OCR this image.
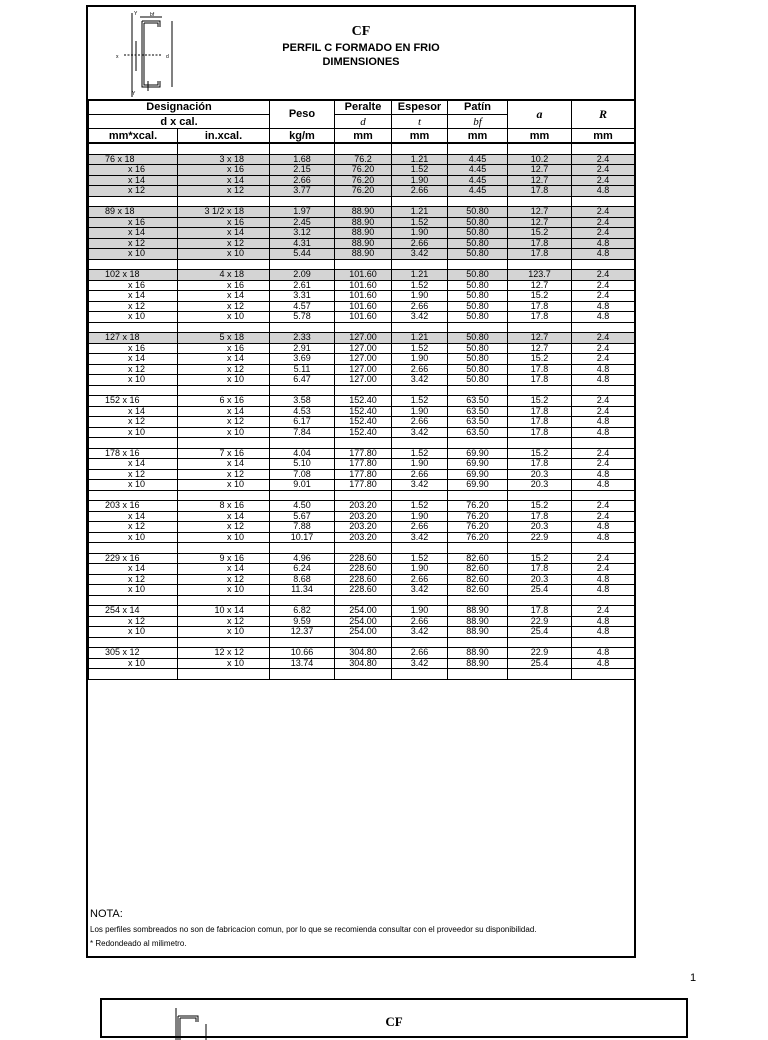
x	d
Y	bf
Y
CF
PERFIL C FORMADO EN FRIO
DIMENSIONES
Designación		Peso	Peralte	Espesor	Patín	a	R
d x cal.			d	t	bf		
mm*xcal.	in.xcal.	kg/m	mm	mm	mm	mm	mm

76 x 18	3 x 18	1.68	76.2	1.21	4.45	10.2	2.4
x 16	x 16	2.15	76.20	1.52	4.45	12.7	2.4
x 14	x 14	2.66	76.20	1.90	4.45	12.7	2.4
x 12	x 12	3.77	76.20	2.66	4.45	17.8	4.8

89 x 18	3 1/2 x 18	1.97	88.90	1.21	50.80	12.7	2.4
x 16	x 16	2.45	88.90	1.52	50.80	12.7	2.4
x 14	x 14	3.12	88.90	1.90	50.80	15.2	2.4
x 12	x 12	4.31	88.90	2.66	50.80	17.8	4.8
x 10	x 10	5.44	88.90	3.42	50.80	17.8	4.8

102 x 18	4 x 18	2.09	101.60	1.21	50.80	123.7	2.4
x 16	x 16	2.61	101.60	1.52	50.80	12.7	2.4
x 14	x 14	3.31	101.60	1.90	50.80	15.2	2.4
x 12	x 12	4.57	101.60	2.66	50.80	17.8	4.8
x 10	x 10	5.78	101.60	3.42	50.80	17.8	4.8

127 x 18	5 x 18	2.33	127.00	1.21	50.80	12.7	2.4
x 16	x 16	2.91	127.00	1.52	50.80	12.7	2.4
x 14	x 14	3.69	127.00	1.90	50.80	15.2	2.4
x 12	x 12	5.11	127.00	2.66	50.80	17.8	4.8
x 10	x 10	6.47	127.00	3.42	50.80	17.8	4.8

152 x 16	6 x 16	3.58	152.40	1.52	63.50	15.2	2.4
x 14	x 14	4.53	152.40	1.90	63.50	17.8	2.4
x 12	x 12	6.17	152.40	2.66	63.50	17.8	4.8
x 10	x 10	7.84	152.40	3.42	63.50	17.8	4.8

178 x 16	7 x 16	4.04	177.80	1.52	69.90	15.2	2.4
x 14	x 14	5.10	177.80	1.90	69.90	17.8	2.4
x 12	x 12	7.08	177.80	2.66	69.90	20.3	4.8
x 10	x 10	9.01	177.80	3.42	69.90	20.3	4.8

203 x 16	8 x 16	4.50	203.20	1.52	76.20	15.2	2.4
x 14	x 14	5.67	203.20	1.90	76.20	17.8	2.4
x 12	x 12	7.88	203.20	2.66	76.20	20.3	4.8
x 10	x 10	10.17	203.20	3.42	76.20	22.9	4.8

229 x 16	9 x 16	4.96	228.60	1.52	82.60	15.2	2.4
x 14	x 14	6.24	228.60	1.90	82.60	17.8	2.4
x 12	x 12	8.68	228.60	2.66	82.60	20.3	4.8
x 10	x 10	11.34	228.60	3.42	82.60	25.4	4.8

254 x 14	10 x 14	6.82	254.00	1.90	88.90	17.8	2.4
x 12	x 12	9.59	254.00	2.66	88.90	22.9	4.8
x 10	x 10	12.37	254.00	3.42	88.90	25.4	4.8

305 x 12	12 x 12	10.66	304.80	2.66	88.90	22.9	4.8
x 10	x 10	13.74	304.80	3.42	88.90	25.4	4.8

NOTA:
Los perfiles sombreados no son de fabricacion comun, por lo que se recomienda consultar con el proveedor su disponibilidad.
* Redondeado al milimetro.
1
CF
